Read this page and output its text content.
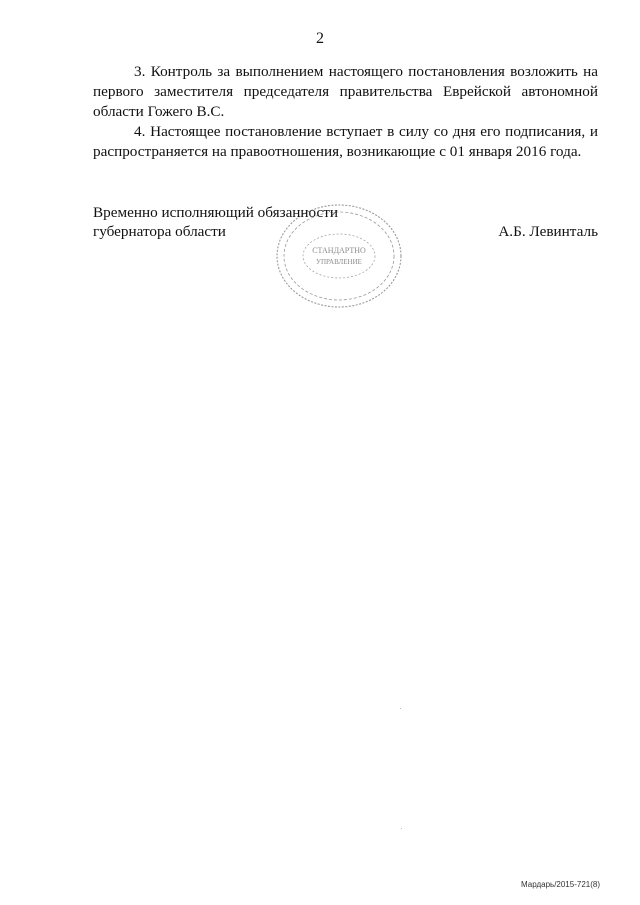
2

3. Контроль за выполнением настоящего постановления возложить на первого заместителя председателя правительства Еврейской автономной области Гожего В.С.

4. Настоящее постановление вступает в силу со дня его подписания, и распространяется на правоотношения, возникающие с 01 января 2016 года.

СТАНДАРТНО
УПРАВЛЕНИЕ
Временно исполняющий обязанности
губернатора области	А.Б. Левинталь
Мардарь/2015-721(8)
